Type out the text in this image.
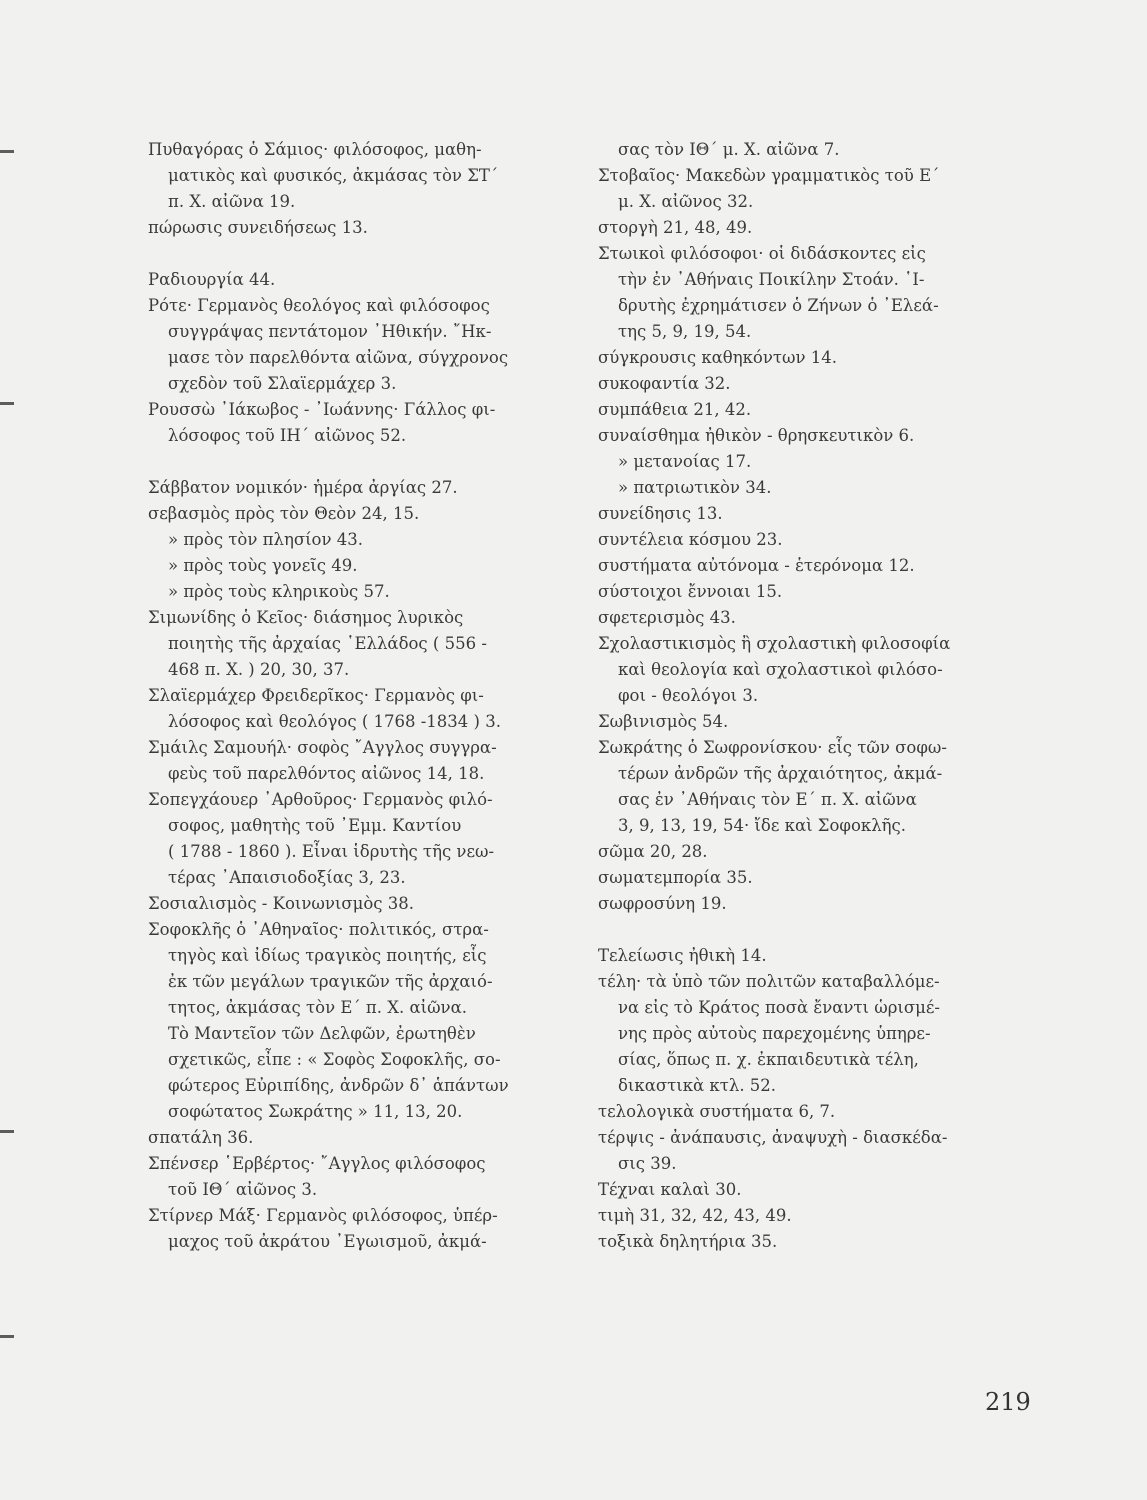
Πυθαγόρας ὁ Σάμιος· φιλόσοφος, μαθη-
ματικὸς καὶ φυσικός, ἀκμάσας τὸν ΣΤ΄
π. Χ. αἰῶνα 19.
πώρωσις συνειδήσεως 13.
Ραδιουργία 44.
Ρότε· Γερμανὸς θεολόγος καὶ φιλόσοφος
συγγράψας πεντάτομον ᾿Ηθικήν. ῎Ηκ-
μασε τὸν παρελθόντα αἰῶνα, σύγχρονος
σχεδὸν τοῦ Σλαϊερμάχερ 3.
Ρουσσὼ ᾿Ιάκωβος - ᾿Ιωάννης· Γάλλος φι-
λόσοφος τοῦ ΙΗ΄ αἰῶνος 52.
Σάββατον νομικόν· ἡμέρα ἀργίας 27.
σεβασμὸς πρὸς τὸν Θεὸν 24, 15.
» πρὸς τὸν πλησίον 43.
» πρὸς τοὺς γονεῖς 49.
» πρὸς τοὺς κληρικοὺς 57.
Σιμωνίδης ὁ Κεῖος· διάσημος λυρικὸς
ποιητὴς τῆς ἀρχαίας ῾Ελλάδος ( 556 -
468 π. Χ. ) 20, 30, 37.
Σλαϊερμάχερ Φρειδερῖκος· Γερμανὸς φι-
λόσοφος καὶ θεολόγος ( 1768 -1834 ) 3.
Σμάιλς Σαμουήλ· σοφὸς ῎Αγγλος συγγρα-
φεὺς τοῦ παρελθόντος αἰῶνος 14, 18.
Σοπεγχάουερ ᾿Αρθοῦρος· Γερμανὸς φιλό-
σοφος, μαθητὴς τοῦ ᾿Εμμ. Καντίου
( 1788 - 1860 ). Εἶναι ἱδρυτὴς τῆς νεω-
τέρας ᾿Απαισιοδοξίας 3, 23.
Σοσιαλισμὸς - Κοινωνισμὸς 38.
Σοφοκλῆς ὁ ᾿Αθηναῖος· πολιτικός, στρα-
τηγὸς καὶ ἰδίως τραγικὸς ποιητής, εἷς
ἐκ τῶν μεγάλων τραγικῶν τῆς ἀρχαιό-
τητος, ἀκμάσας τὸν Ε΄ π. Χ. αἰῶνα.
Τὸ Μαντεῖον τῶν Δελφῶν, ἐρωτηθὲν
σχετικῶς, εἶπε : « Σοφὸς Σοφοκλῆς, σο-
φώτερος Εὐριπίδης, ἀνδρῶν δ᾿ ἁπάντων
σοφώτατος Σωκράτης » 11, 13, 20.
σπατάλη 36.
Σπένσερ ῾Ερβέρτος· ῎Αγγλος φιλόσοφος
τοῦ ΙΘ΄ αἰῶνος 3.
Στίρνερ Μάξ· Γερμανὸς φιλόσοφος, ὑπέρ-
μαχος τοῦ ἀκράτου ᾿Εγωισμοῦ, ἀκμά-
σας τὸν ΙΘ΄ μ. Χ. αἰῶνα 7.
Στοβαῖος· Μακεδὼν γραμματικὸς τοῦ Ε΄
μ. Χ. αἰῶνος 32.
στοργὴ 21, 48, 49.
Στωικοὶ φιλόσοφοι· οἱ διδάσκοντες εἰς
τὴν ἐν ᾿Αθήναις Ποικίλην Στοάν. ῾Ι-
δρυτὴς ἐχρημάτισεν ὁ Ζήνων ὁ ᾿Ελεά-
της 5, 9, 19, 54.
σύγκρουσις καθηκόντων 14.
συκοφαντία 32.
συμπάθεια 21, 42.
συναίσθημα ἠθικὸν - θρησκευτικὸν 6.
» μετανοίας 17.
» πατριωτικὸν 34.
συνείδησις 13.
συντέλεια κόσμου 23.
συστήματα αὐτόνομα - ἑτερόνομα 12.
σύστοιχοι ἔννοιαι 15.
σφετερισμὸς 43.
Σχολαστικισμὸς ἢ σχολαστικὴ φιλοσοφία
καὶ θεολογία καὶ σχολαστικοὶ φιλόσο-
φοι - θεολόγοι 3.
Σωβινισμὸς 54.
Σωκράτης ὁ Σωφρονίσκου· εἷς τῶν σοφω-
τέρων ἀνδρῶν τῆς ἀρχαιότητος, ἀκμά-
σας ἐν ᾿Αθήναις τὸν Ε΄ π. Χ. αἰῶνα
3, 9, 13, 19, 54· ἴδε καὶ Σοφοκλῆς.
σῶμα 20, 28.
σωματεμπορία 35.
σωφροσύνη 19.
Τελείωσις ἠθικὴ 14.
τέλη· τὰ ὑπὸ τῶν πολιτῶν καταβαλλόμε-
να εἰς τὸ Κράτος ποσὰ ἔναντι ὡρισμέ-
νης πρὸς αὐτοὺς παρεχομένης ὑπηρε-
σίας, ὅπως π. χ. ἐκπαιδευτικὰ τέλη,
δικαστικὰ κτλ. 52.
τελολογικὰ συστήματα 6, 7.
τέρψις - ἀνάπαυσις, ἀναψυχὴ - διασκέδα-
σις 39.
Τέχναι καλαὶ 30.
τιμὴ 31, 32, 42, 43, 49.
τοξικὰ δηλητήρια 35.
219
